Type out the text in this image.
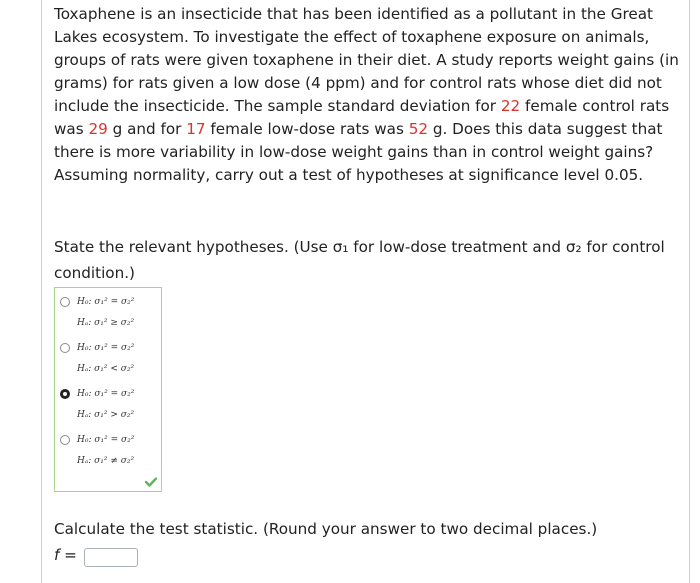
Toxaphene is an insecticide that has been identified as a pollutant in the Great Lakes ecosystem. To investigate the effect of toxaphene exposure on animals, groups of rats were given toxaphene in their diet. A study reports weight gains (in grams) for rats given a low dose (4 ppm) and for control rats whose diet did not include the insecticide. The sample standard deviation for 22 female control rats was 29 g and for 17 female low-dose rats was 52 g. Does this data suggest that there is more variability in low-dose weight gains than in control weight gains? Assuming normality, carry out a test of hypotheses at significance level 0.05.

State the relevant hypotheses. (Use σ₁ for low-dose treatment and σ₂ for control condition.)

H₀: σ₁² = σ₂²
Hₐ: σ₁² ≥ σ₂²
H₀: σ₁² = σ₂²
Hₐ: σ₁² < σ₂²
H₀: σ₁² = σ₂²
Hₐ: σ₁² > σ₂²
H₀: σ₁² = σ₂²
Hₐ: σ₁² ≠ σ₂²

Calculate the test statistic. (Round your answer to two decimal places.)

f =
